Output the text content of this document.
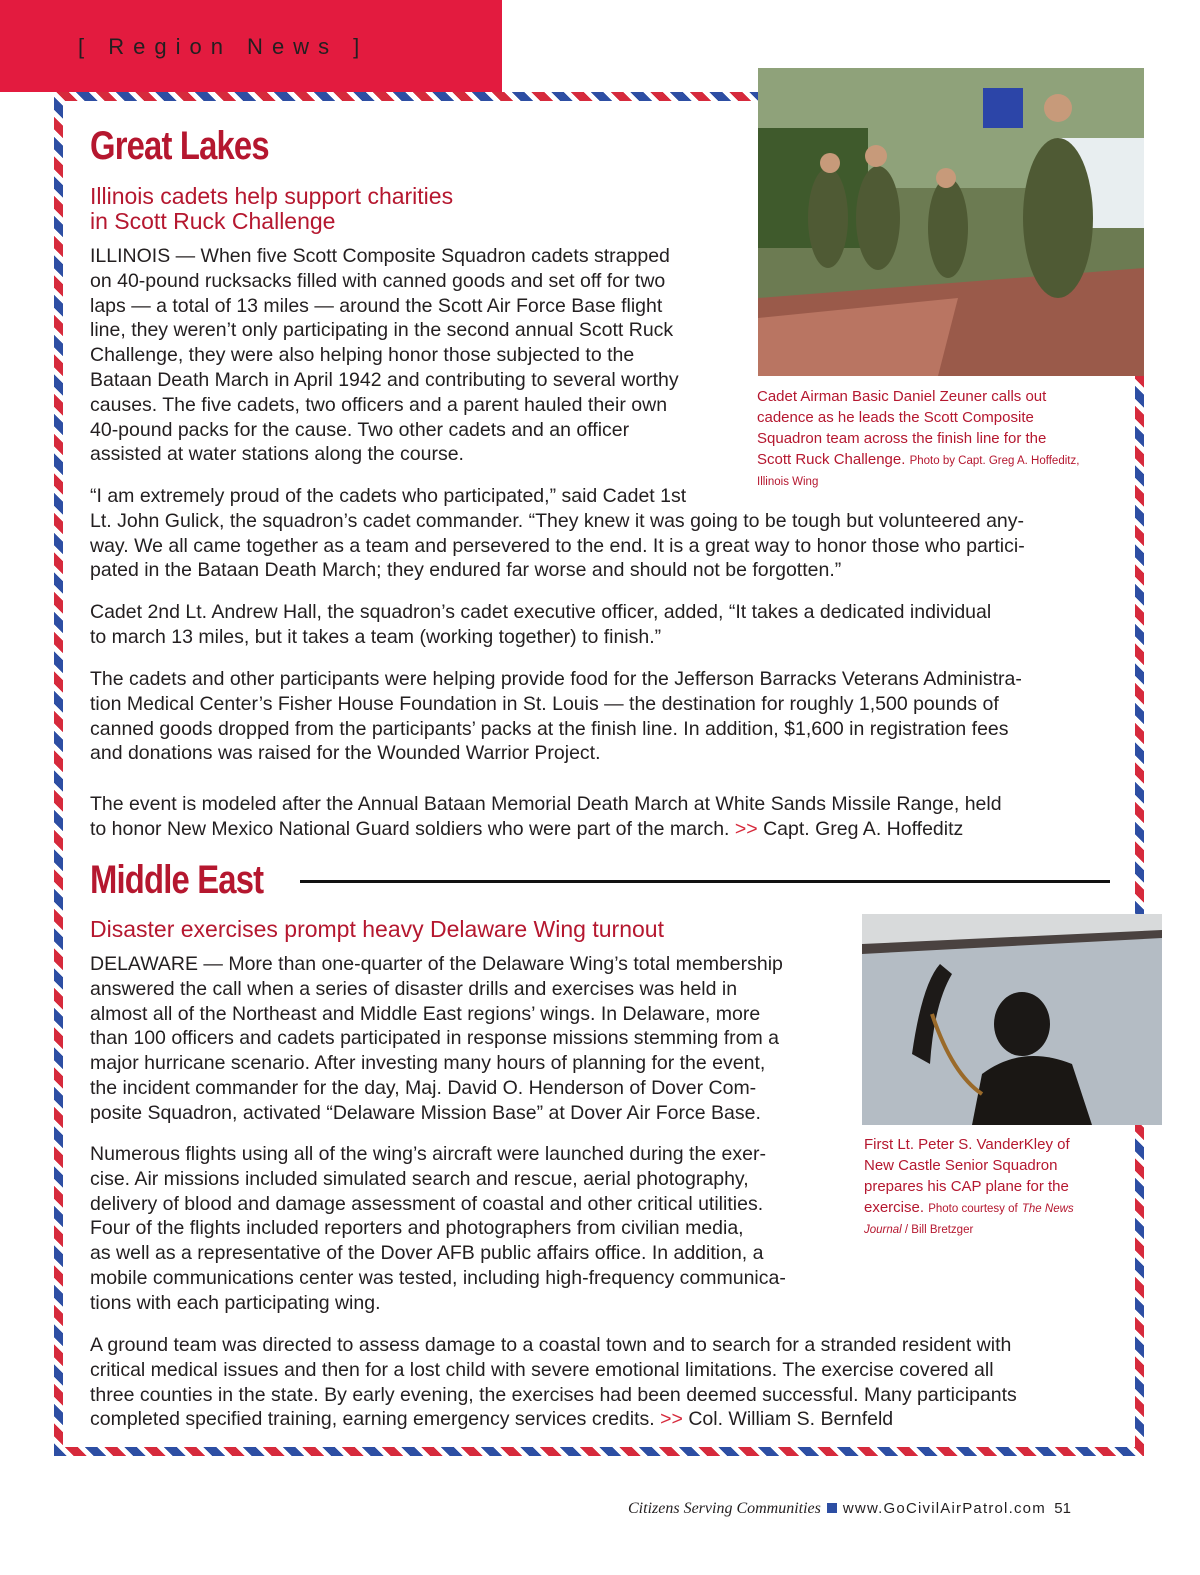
[ Region News ]
Great Lakes
Illinois cadets help support charities
in Scott Ruck Challenge
ILLINOIS — When five Scott Composite Squadron cadets strapped
on 40-pound rucksacks filled with canned goods and set off for two
laps — a total of 13 miles — around the Scott Air Force Base flight
line, they weren’t only participating in the second annual Scott Ruck
Challenge, they were also helping honor those subjected to the
Bataan Death March in April 1942 and contributing to several worthy
causes. The five cadets, two officers and a parent hauled their own
40-pound packs for the cause. Two other cadets and an officer
assisted at water stations along the course.
Cadet Airman Basic Daniel Zeuner calls out
cadence as he leads the Scott Composite
Squadron team across the finish line for the
Scott Ruck Challenge. Photo by Capt. Greg A. Hoffeditz,
Illinois Wing
“I am extremely proud of the cadets who participated,” said Cadet 1st
Lt. John Gulick, the squadron’s cadet commander. “They knew it was going to be tough but volunteered any-
way. We all came together as a team and persevered to the end. It is a great way to honor those who partici-
pated in the Bataan Death March; they endured far worse and should not be forgotten.”
Cadet 2nd Lt. Andrew Hall, the squadron’s cadet executive officer, added, “It takes a dedicated individual
to march 13 miles, but it takes a team (working together) to finish.”
The cadets and other participants were helping provide food for the Jefferson Barracks Veterans Administra-
tion Medical Center’s Fisher House Foundation in St. Louis — the destination for roughly 1,500 pounds of
canned goods dropped from the participants’ packs at the finish line. In addition, $1,600 in registration fees
and donations was raised for the Wounded Warrior Project.
The event is modeled after the Annual Bataan Memorial Death March at White Sands Missile Range, held
to honor New Mexico National Guard soldiers who were part of the march. >> Capt. Greg A. Hoffeditz
Middle East
Disaster exercises prompt heavy Delaware Wing turnout
DELAWARE — More than one-quarter of the Delaware Wing’s total membership
answered the call when a series of disaster drills and exercises was held in
almost all of the Northeast and Middle East regions’ wings. In Delaware, more
than 100 officers and cadets participated in response missions stemming from a
major hurricane scenario. After investing many hours of planning for the event,
the incident commander for the day, Maj. David O. Henderson of Dover Com-
posite Squadron, activated “Delaware Mission Base” at Dover Air Force Base.
First Lt. Peter S. VanderKley of
New Castle Senior Squadron
prepares his CAP plane for the
exercise. Photo courtesy of The News
Journal / Bill Bretzger
Numerous flights using all of the wing’s aircraft were launched during the exer-
cise. Air missions included simulated search and rescue, aerial photography,
delivery of blood and damage assessment of coastal and other critical utilities.
Four of the flights included reporters and photographers from civilian media,
as well as a representative of the Dover AFB public affairs office. In addition, a
mobile communications center was tested, including high-frequency communica-
tions with each participating wing.
A ground team was directed to assess damage to a coastal town and to search for a stranded resident with
critical medical issues and then for a lost child with severe emotional limitations. The exercise covered all
three counties in the state. By early evening, the exercises had been deemed successful. Many participants
completed specified training, earning emergency services credits. >> Col. William S. Bernfeld
Citizens Serving Communities www.GoCivilAirPatrol.com 51
